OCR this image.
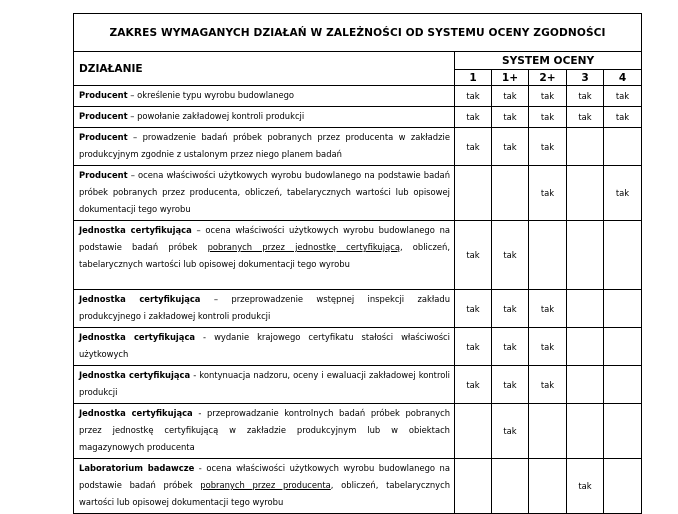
ZAKRES WYMAGANYCH DZIAŁAŃ W ZALEŻNOŚCI OD SYSTEMU OCENY ZGODNOŚCI					
DZIAŁANIE	SYSTEM OCENY				
	1	1+	2+	3	4
Producent – określenie typu wyrobu budowlanego	tak	tak	tak	tak	tak
Producent – powołanie zakładowej kontroli produkcji	tak	tak	tak	tak	tak
Producent – prowadzenie badań próbek pobranych przez producenta w zakładzie produkcyjnym zgodnie z ustalonym przez niego planem badań	tak	tak	tak		
Producent – ocena właściwości użytkowych wyrobu budowlanego na podstawie badań próbek pobranych przez producenta, obliczeń, tabelarycznych wartości lub opisowej dokumentacji tego wyrobu			tak		tak
Jednostka certyfikująca – ocena właściwości użytkowych wyrobu budowlanego na podstawie badań próbek pobranych przez jednostkę certyfikującą, obliczeń, tabelarycznych wartości lub opisowej dokumentacji tego wyrobu	tak	tak			
Jednostka certyfikująca – przeprowadzenie wstępnej inspekcji zakładu produkcyjnego i zakładowej kontroli produkcji	tak	tak	tak		
Jednostka certyfikująca - wydanie krajowego certyfikatu stałości właściwości użytkowych	tak	tak	tak		
Jednostka certyfikująca - kontynuacja nadzoru, oceny i ewaluacji zakładowej kontroli produkcji	tak	tak	tak		
Jednostka certyfikująca - przeprowadzanie kontrolnych badań próbek pobranych przez jednostkę certyfikującą w zakładzie produkcyjnym lub w obiektach magazynowych producenta		tak			
Laboratorium badawcze - ocena właściwości użytkowych wyrobu budowlanego na podstawie badań próbek pobranych przez producenta, obliczeń, tabelarycznych wartości lub opisowej dokumentacji tego wyrobu				tak	
